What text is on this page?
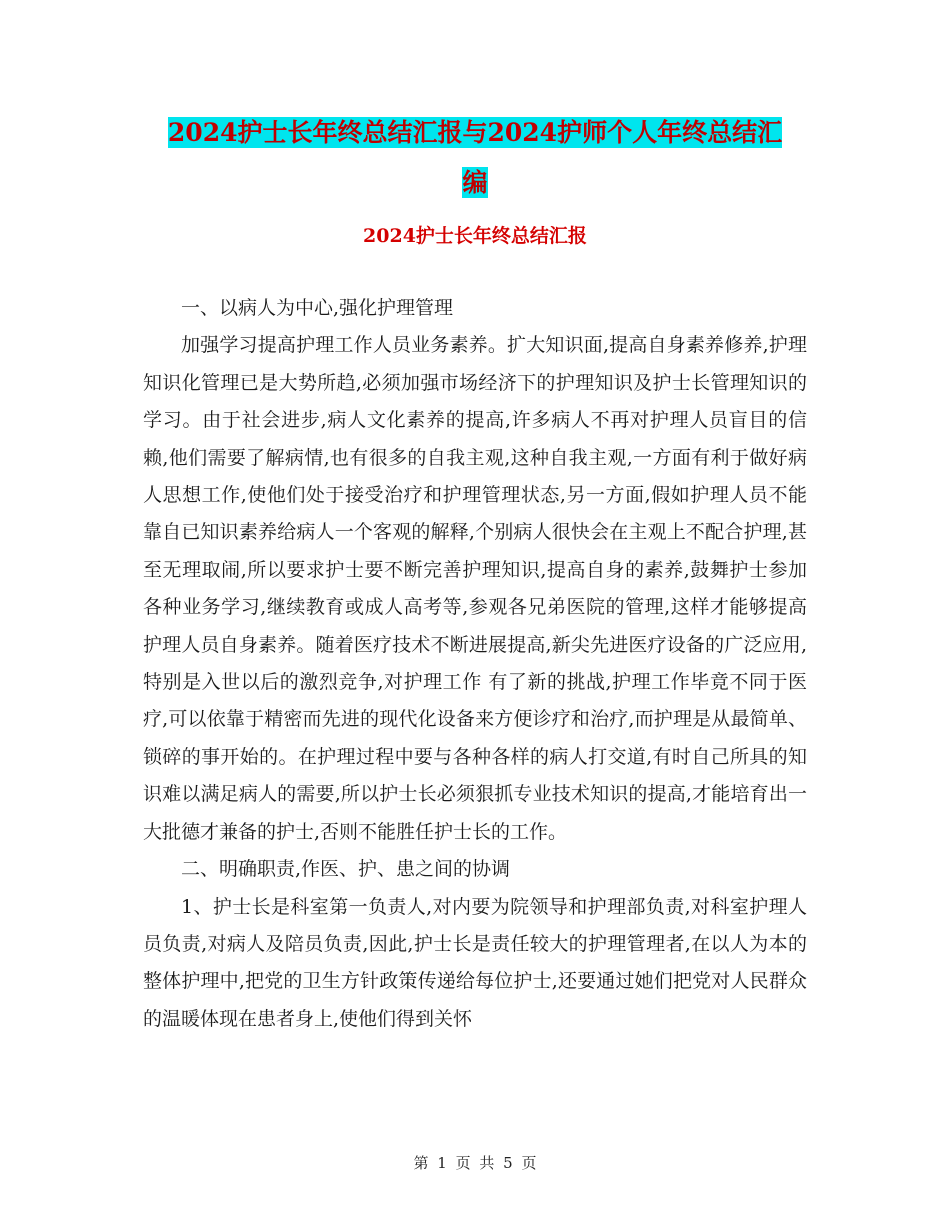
2024护士长年终总结汇报与2024护师个人年终总结汇
编
2024护士长年终总结汇报

一、以病人为中心,强化护理管理

加强学习提高护理工作人员业务素养。扩大知识面,提高自身素养修养,护理知识化管理已是大势所趋,必须加强市场经济下的护理知识及护士长管理知识的学习。由于社会进步,病人文化素养的提高,许多病人不再对护理人员盲目的信赖,他们需要了解病情,也有很多的自我主观,这种自我主观,一方面有利于做好病人思想工作,使他们处于接受治疗和护理管理状态,另一方面,假如护理人员不能靠自已知识素养给病人一个客观的解释,个别病人很快会在主观上不配合护理,甚至无理取闹,所以要求护士要不断完善护理知识,提高自身的素养,鼓舞护士参加各种业务学习,继续教育或成人高考等,参观各兄弟医院的管理,这样才能够提高护理人员自身素养。随着医疗技术不断进展提高,新尖先进医疗设备的广泛应用,特别是入世以后的激烈竞争,对护理工作 有了新的挑战,护理工作毕竟不同于医疗,可以依靠于精密而先进的现代化设备来方便诊疗和治疗,而护理是从最简单、锁碎的事开始的。在护理过程中要与各种各样的病人打交道,有时自己所具的知识难以满足病人的需要,所以护士长必须狠抓专业技术知识的提高,才能培育出一大批德才兼备的护士,否则不能胜任护士长的工作。

二、明确职责,作医、护、患之间的协调

1、护士长是科室第一负责人,对内要为院领导和护理部负责,对科室护理人员负责,对病人及陪员负责,因此,护士长是责任较大的护理管理者,在以人为本的整体护理中,把党的卫生方针政策传递给每位护士,还要通过她们把党对人民群众的温暖体现在患者身上,使他们得到关怀

第 1 页 共 5 页
